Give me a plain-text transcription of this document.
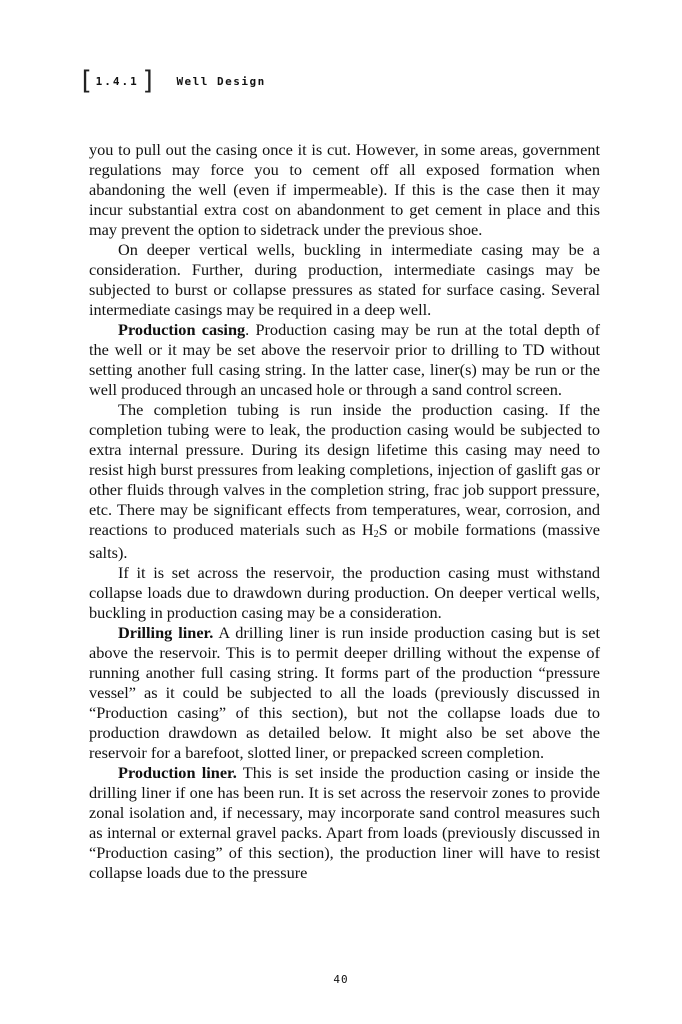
[ 1.4.1 ] Well Design

you to pull out the casing once it is cut. However, in some areas, government regulations may force you to cement off all exposed formation when abandoning the well (even if impermeable). If this is the case then it may incur substantial extra cost on abandonment to get cement in place and this may prevent the option to sidetrack under the previous shoe.

On deeper vertical wells, buckling in intermediate casing may be a consideration. Further, during production, intermediate casings may be subjected to burst or collapse pressures as stated for surface casing. Several intermediate casings may be required in a deep well.

Production casing. Production casing may be run at the total depth of the well or it may be set above the reservoir prior to drilling to TD without setting another full casing string. In the latter case, liner(s) may be run or the well produced through an uncased hole or through a sand control screen.

The completion tubing is run inside the production casing. If the completion tubing were to leak, the production casing would be subjected to extra internal pressure. During its design lifetime this casing may need to resist high burst pressures from leaking completions, injection of gaslift gas or other fluids through valves in the completion string, frac job support pressure, etc. There may be significant effects from temperatures, wear, corrosion, and reactions to produced materials such as $H_2S$ or mobile formations (massive salts).

If it is set across the reservoir, the production casing must withstand collapse loads due to drawdown during production. On deeper vertical wells, buckling in production casing may be a consideration.

Drilling liner. A drilling liner is run inside production casing but is set above the reservoir. This is to permit deeper drilling without the expense of running another full casing string. It forms part of the production “pressure vessel” as it could be subjected to all the loads (previously discussed in “Production casing” of this section), but not the collapse loads due to production drawdown as detailed below. It might also be set above the reservoir for a barefoot, slotted liner, or prepacked screen completion.

Production liner. This is set inside the production casing or inside the drilling liner if one has been run. It is set across the reservoir zones to provide zonal isolation and, if necessary, may incorporate sand control measures such as internal or external gravel packs. Apart from loads (previously discussed in “Production casing” of this section), the production liner will have to resist collapse loads due to the pressure

40
